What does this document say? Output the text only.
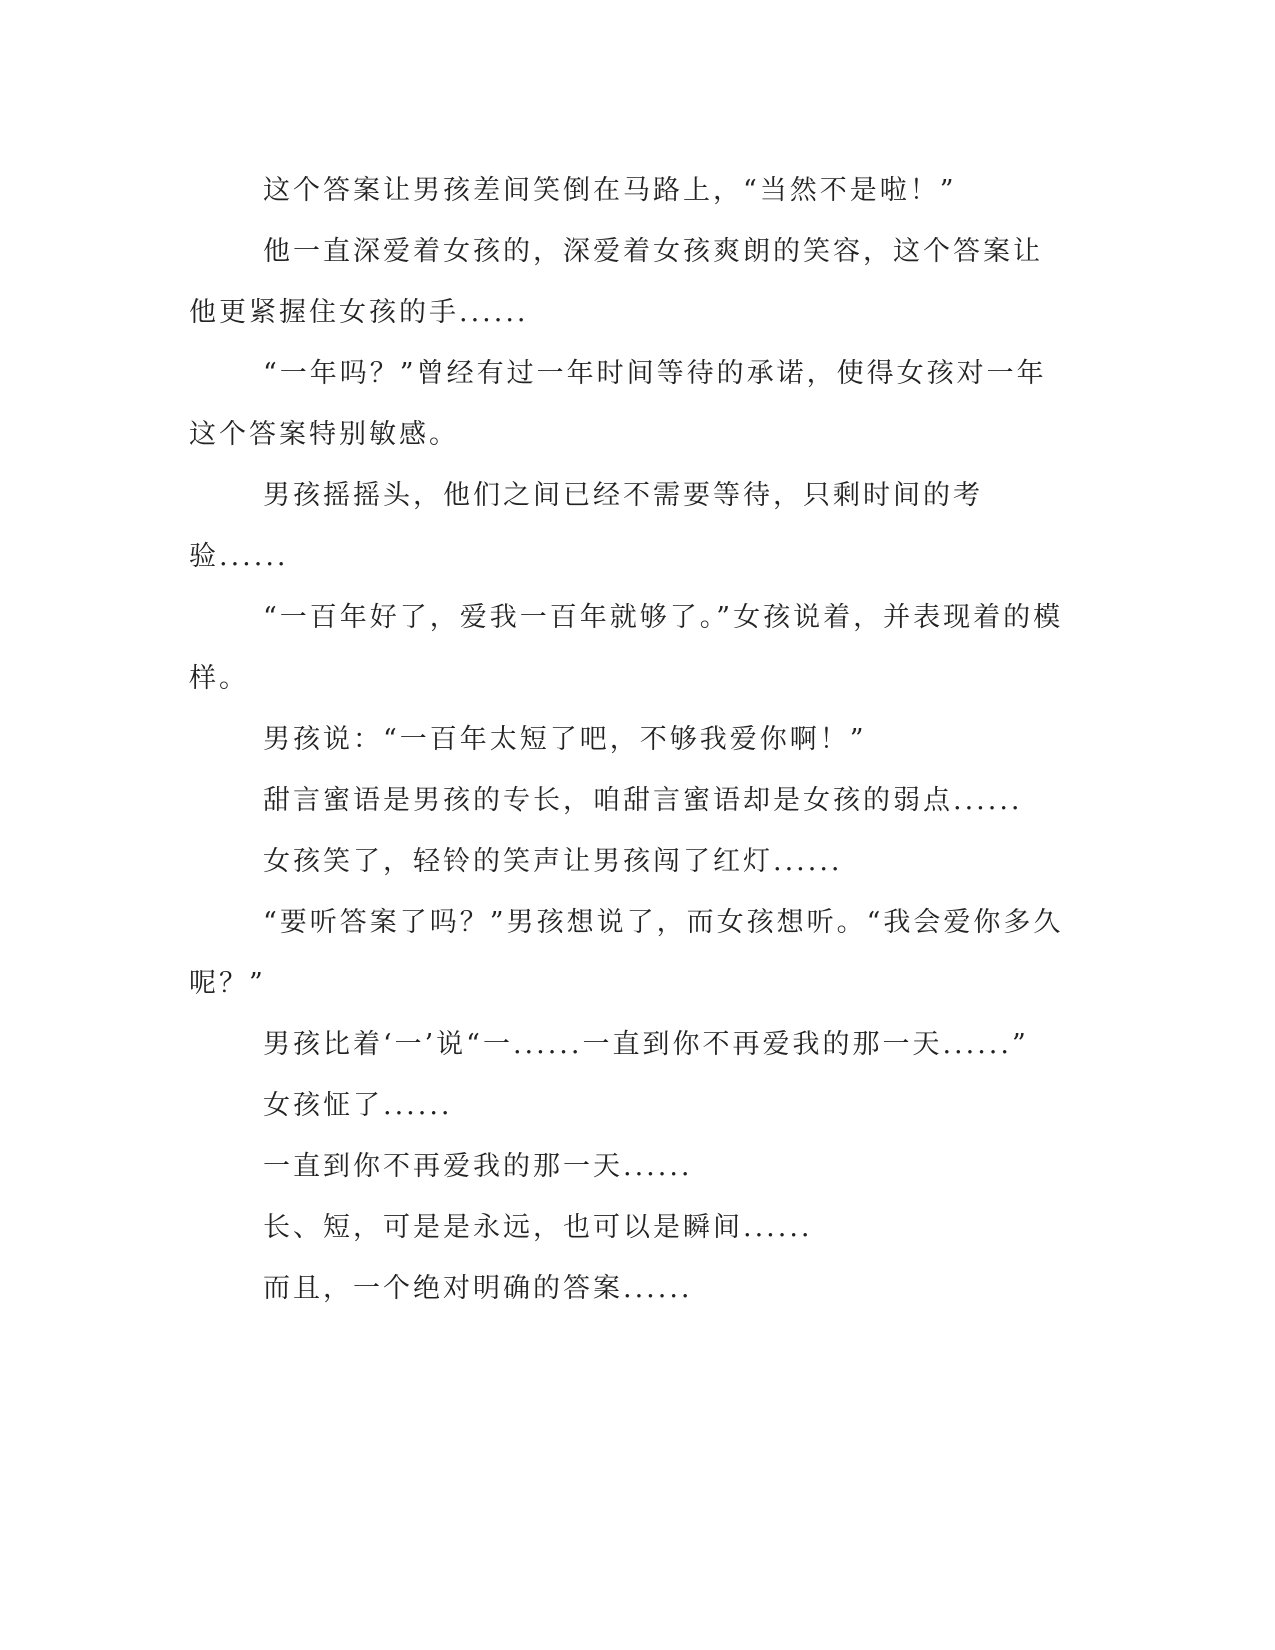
这个答案让男孩差间笑倒在马路上，“当然不是啦！”

他一直深爱着女孩的，深爱着女孩爽朗的笑容，这个答案让他更紧握住女孩的手......

“一年吗？”曾经有过一年时间等待的承诺，使得女孩对一年这个答案特别敏感。

男孩摇摇头，他们之间已经不需要等待，只剩时间的考验......

“一百年好了，爱我一百年就够了。”女孩说着，并表现着的模样。

男孩说：“一百年太短了吧，不够我爱你啊！”

甜言蜜语是男孩的专长，咱甜言蜜语却是女孩的弱点......

女孩笑了，轻铃的笑声让男孩闯了红灯......

“要听答案了吗？”男孩想说了，而女孩想听。“我会爱你多久呢？”

男孩比着‘一’说“一......一直到你不再爱我的那一天......”

女孩怔了......

一直到你不再爱我的那一天......

长、短，可是是永远，也可以是瞬间......

而且，一个绝对明确的答案......
